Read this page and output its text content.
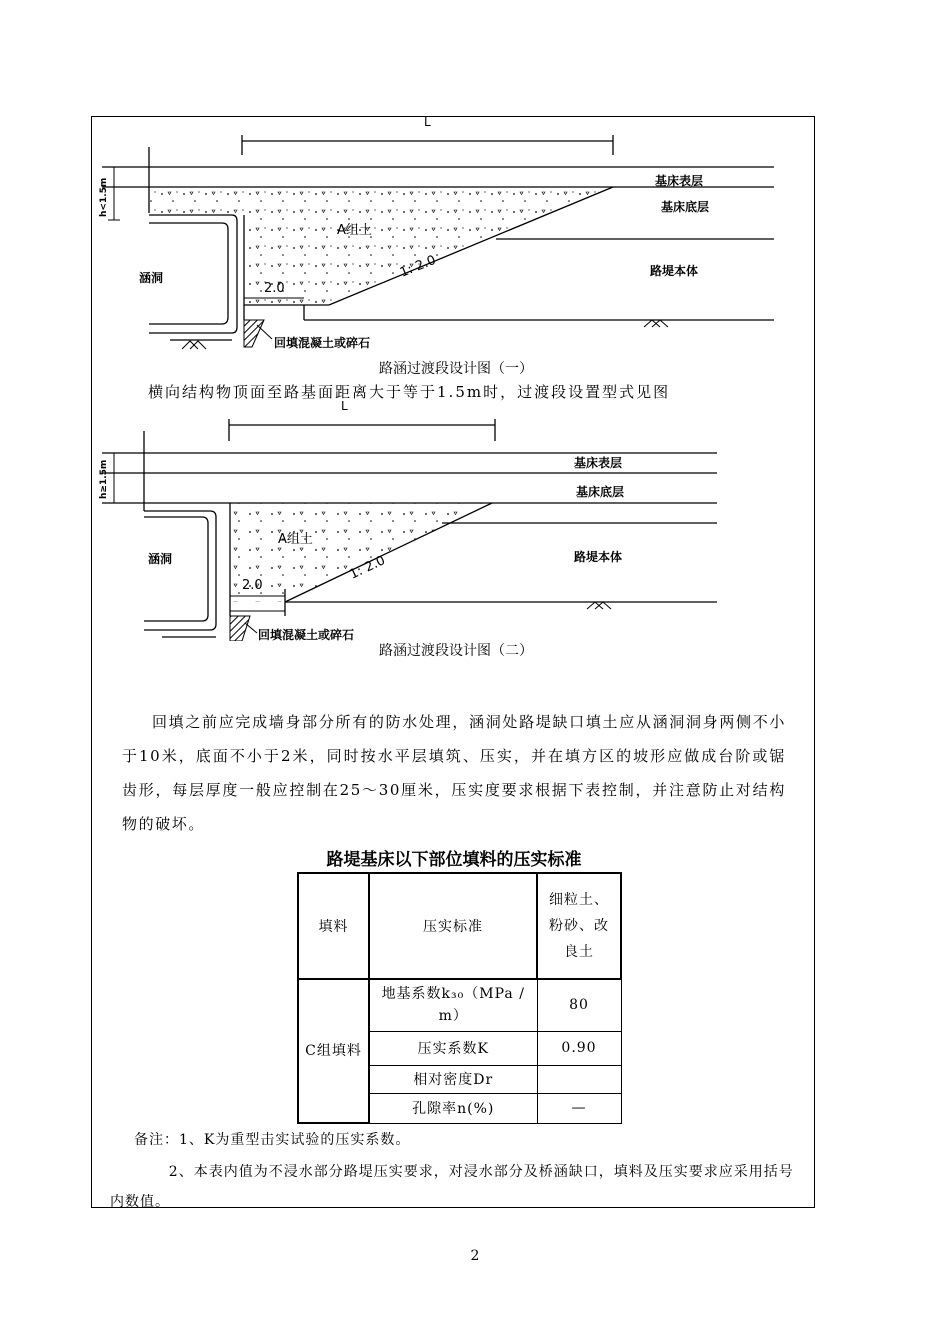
L
h<1.5m
2.0
回填混凝土或碎石
基床表层
基床底层
路堤本体
涵洞
A组土
1: 2.0
路涵过渡段设计图（一）
横向结构物顶面至路基面距离大于等于1.5m时，过渡段设置型式见图
L
h≥1.5m
2.0
回填混凝土或碎石
基床表层
基床底层
路堤本体
涵洞
A组土
1: 2.0
路涵过渡段设计图（二）

回填之前应完成墙身部分所有的防水处理，涵洞处路堤缺口填土应从涵洞洞身两侧不小于10米，底面不小于2米，同时按水平层填筑、压实，并在填方区的坡形应做成台阶或锯齿形，每层厚度一般应控制在25～30厘米，压实度要求根据下表控制，并注意防止对结构物的破坏。

路堤基床以下部位填料的压实标准
填料	压实标准	细粒土、粉砂、改良土
C组填料	地基系数k₃₀（MPa / m）	80
	压实系数K	0.90
	相对密度Dr	
	孔隙率n(%)	—
备注：1、K为重型击实试验的压实系数。

2、本表内值为不浸水部分路堤压实要求，对浸水部分及桥涵缺口，填料及压实要求应采用括号内数值。

2
